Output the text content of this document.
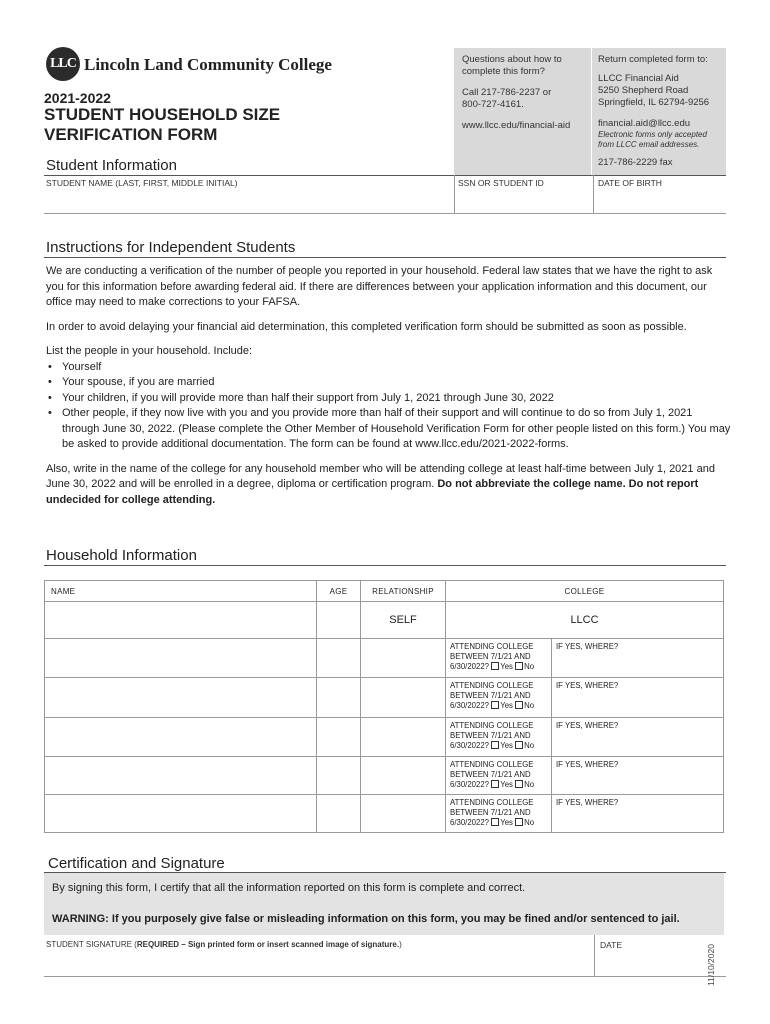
LLC Lincoln Land Community College
2021-2022
STUDENT HOUSEHOLD SIZE
VERIFICATION FORM
Questions about how to
complete this form?
Call 217-786-2237 or
800-727-4161.
www.llcc.edu/financial-aid
Return completed form to:
LLCC Financial Aid
5250 Shepherd Road
Springfield, IL 62794-9256
financial.aid@llcc.edu
Electronic forms only accepted
from LLCC email addresses.
217-786-2229 fax
Student Information
STUDENT NAME (LAST, FIRST, MIDDLE INITIAL)	SSN OR STUDENT ID	DATE OF BIRTH
Instructions for Independent Students

We are conducting a verification of the number of people you reported in your household. Federal law states that we have the right to ask you for this information before awarding federal aid. If there are differences between your application information and this document, our office may need to make corrections to your FAFSA.

In order to avoid delaying your financial aid determination, this completed verification form should be submitted as soon as possible.

List the people in your household. Include:

• Yourself
• Your spouse, if you are married
• Your children, if you will provide more than half their support from July 1, 2021 through June 30, 2022
• Other people, if they now live with you and you provide more than half of their support and will continue to do so from July 1, 2021 through June 30, 2022. (Please complete the Other Member of Household Verification Form for other people listed on this form.) You may be asked to provide additional documentation. The form can be found at www.llcc.edu/2021-2022-forms.

Also, write in the name of the college for any household member who will be attending college at least half-time between July 1, 2021 and June 30, 2022 and will be enrolled in a degree, diploma or certification program. Do not abbreviate the college name. Do not report undecided for college attending.

Household Information
NAME	AGE	RELATIONSHIP	COLLEGE	
		SELF	LLCC	

			ATTENDING COLLEGE
BETWEEN 7/1/21 AND
6/30/2022? Yes No	IF YES, WHERE?

			ATTENDING COLLEGE
BETWEEN 7/1/21 AND
6/30/2022? Yes No	IF YES, WHERE?

			ATTENDING COLLEGE
BETWEEN 7/1/21 AND
6/30/2022? Yes No	IF YES, WHERE?

			ATTENDING COLLEGE
BETWEEN 7/1/21 AND
6/30/2022? Yes No	IF YES, WHERE?

			ATTENDING COLLEGE
BETWEEN 7/1/21 AND
6/30/2022? Yes No	IF YES, WHERE?
Certification and Signature
By signing this form, I certify that all the information reported on this form is complete and correct.
WARNING: If you purposely give false or misleading information on this form, you may be fined and/or sentenced to jail.
STUDENT SIGNATURE (REQUIRED – Sign printed form or insert scanned image of signature.)	DATE	11/10/2020
